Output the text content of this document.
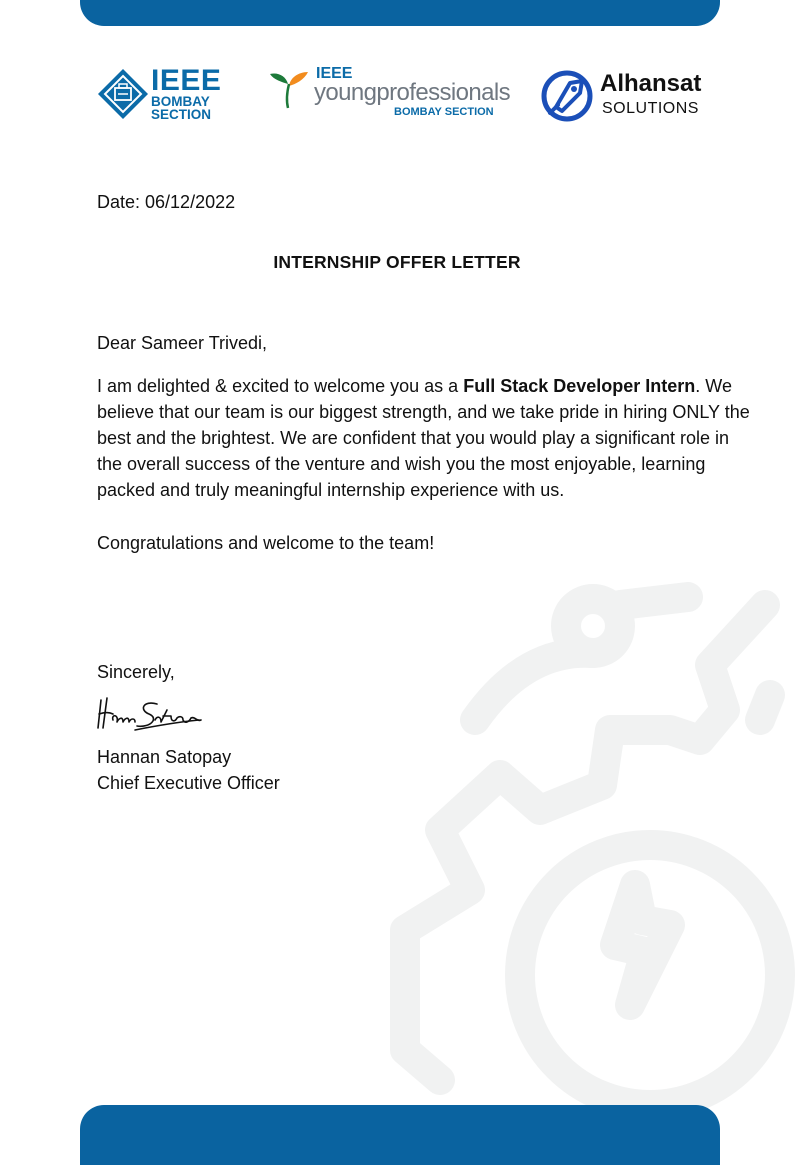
IEEE
BOMBAY
SECTION
IEEE
youngprofessionals
BOMBAY SECTION
Alhansat
SOLUTIONS
Date: 06/12/2022
INTERNSHIP OFFER LETTER
Dear Sameer Trivedi,
I am delighted & excited to welcome you as a Full Stack Developer Intern. We believe that our team is our biggest strength, and we take pride in hiring ONLY the best and the brightest. We are confident that you would play a significant role in the overall success of the venture and wish you the most enjoyable, learning packed and truly meaningful internship experience with us.
Congratulations and welcome to the team!
Sincerely,
Hannan Satopay
Chief Executive Officer
